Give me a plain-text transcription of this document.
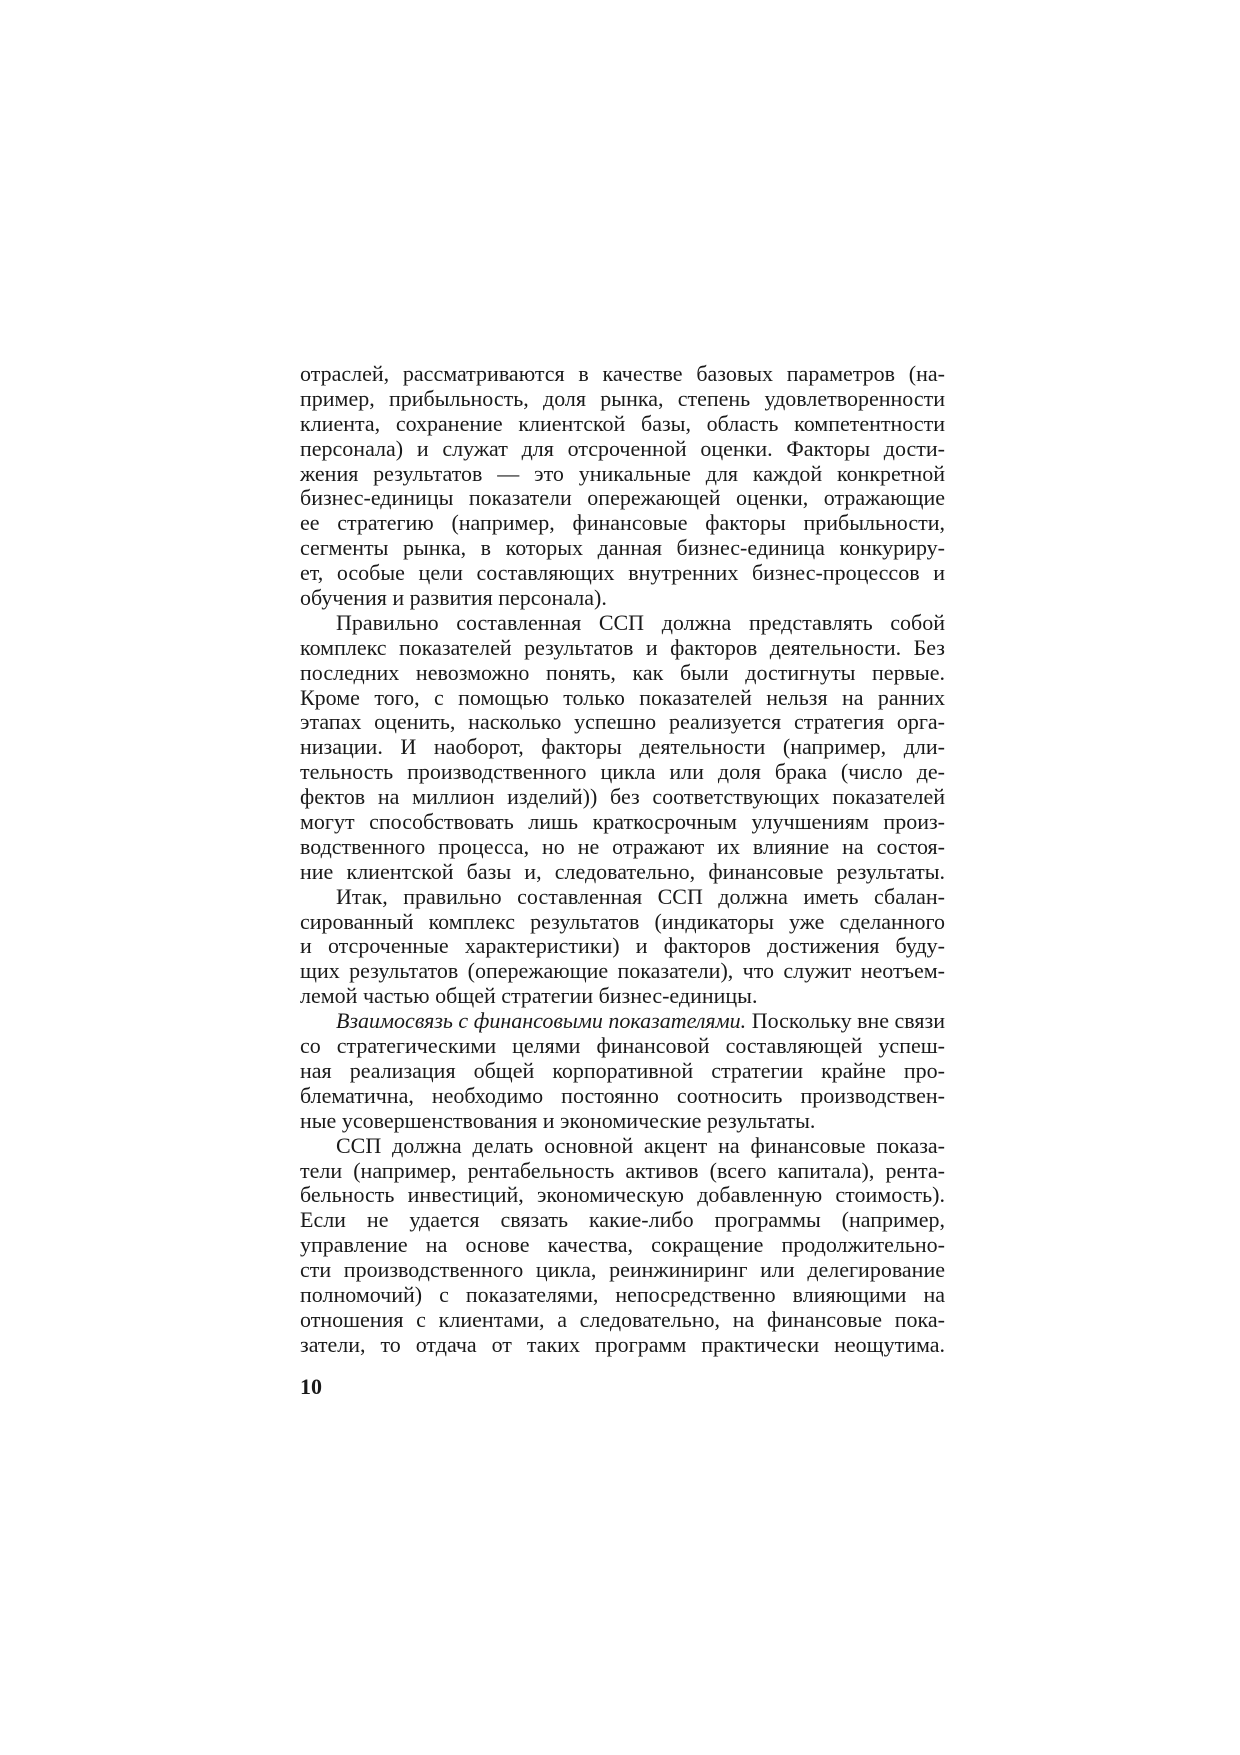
отраслей, рассматриваются в качестве базовых параметров (на-
пример, прибыльность, доля рынка, степень удовлетворенности
клиента, сохранение клиентской базы, область компетентности
персонала) и служат для отсроченной оценки. Факторы дости-
жения результатов — это уникальные для каждой конкретной
бизнес-единицы показатели опережающей оценки, отражающие
ее стратегию (например, финансовые факторы прибыльности,
сегменты рынка, в которых данная бизнес-единица конкуриру-
ет, особые цели составляющих внутренних бизнес-процессов и
обучения и развития персонала).
Правильно составленная ССП должна представлять собой
комплекс показателей результатов и факторов деятельности. Без
последних невозможно понять, как были достигнуты первые.
Кроме того, с помощью только показателей нельзя на ранних
этапах оценить, насколько успешно реализуется стратегия орга-
низации. И наоборот, факторы деятельности (например, дли-
тельность производственного цикла или доля брака (число де-
фектов на миллион изделий)) без соответствующих показателей
могут способствовать лишь краткосрочным улучшениям произ-
водственного процесса, но не отражают их влияние на состоя-
ние клиентской базы и, следовательно, финансовые результаты.
Итак, правильно составленная ССП должна иметь сбалан-
сированный комплекс результатов (индикаторы уже сделанного
и отсроченные характеристики) и факторов достижения буду-
щих результатов (опережающие показатели), что служит неотъем-
лемой частью общей стратегии бизнес-единицы.
Взаимосвязь с финансовыми показателями. Поскольку вне связи
со стратегическими целями финансовой составляющей успеш-
ная реализация общей корпоративной стратегии крайне про-
блематична, необходимо постоянно соотносить производствен-
ные усовершенствования и экономические результаты.
ССП должна делать основной акцент на финансовые показа-
тели (например, рентабельность активов (всего капитала), рента-
бельность инвестиций, экономическую добавленную стоимость).
Если не удается связать какие-либо программы (например,
управление на основе качества, сокращение продолжительно-
сти производственного цикла, реинжиниринг или делегирование
полномочий) с показателями, непосредственно влияющими на
отношения с клиентами, а следовательно, на финансовые пока-
затели, то отдача от таких программ практически неощутима.
10
